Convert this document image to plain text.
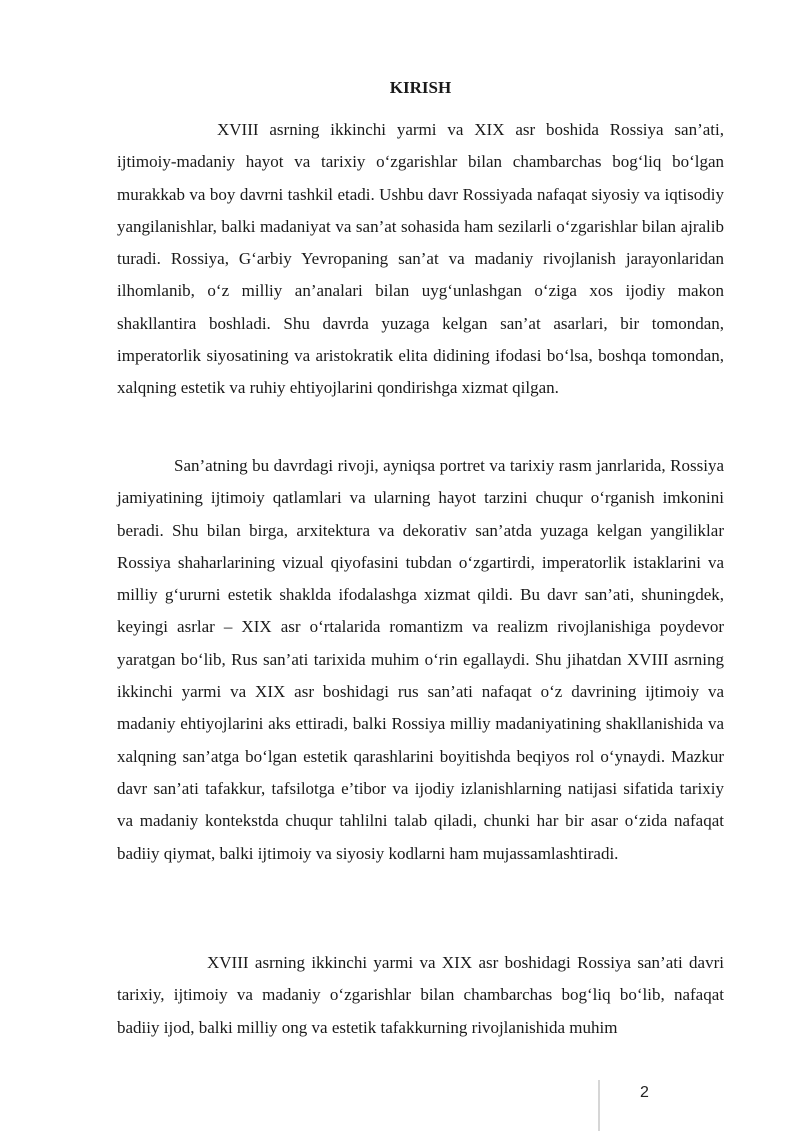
KIRISH

XVIII asrning ikkinchi yarmi va XIX asr boshida Rossiya san’ati, ijtimoiy-madaniy hayot va tarixiy o‘zgarishlar bilan chambarchas bog‘liq bo‘lgan murakkab va boy davrni tashkil etadi. Ushbu davr Rossiyada nafaqat siyosiy va iqtisodiy yangilanishlar, balki madaniyat va san’at sohasida ham sezilarli o‘zgarishlar bilan ajralib turadi. Rossiya, G‘arbiy Yevropaning san’at va madaniy rivojlanish jarayonlaridan ilhomlanib, o‘z milliy an’analari bilan uyg‘unlashgan o‘ziga xos ijodiy makon shakllantira boshladi. Shu davrda yuzaga kelgan san’at asarlari, bir tomondan, imperatorlik siyosatining va aristokratik elita didining ifodasi bo‘lsa, boshqa tomondan, xalqning estetik va ruhiy ehtiyojlarini qondirishga xizmat qilgan.

San’atning bu davrdagi rivoji, ayniqsa portret va tarixiy rasm janrlarida, Rossiya jamiyatining ijtimoiy qatlamlari va ularning hayot tarzini chuqur o‘rganish imkonini beradi. Shu bilan birga, arxitektura va dekorativ san’atda yuzaga kelgan yangiliklar Rossiya shaharlarining vizual qiyofasini tubdan o‘zgartirdi, imperatorlik istaklarini va milliy g‘ururni estetik shaklda ifodalashga xizmat qildi. Bu davr san’ati, shuningdek, keyingi asrlar – XIX asr o‘rtalarida romantizm va realizm rivojlanishiga poydevor yaratgan bo‘lib, Rus san’ati tarixida muhim o‘rin egallaydi. Shu jihatdan XVIII asrning ikkinchi yarmi va XIX asr boshidagi rus san’ati nafaqat o‘z davrining ijtimoiy va madaniy ehtiyojlarini aks ettiradi, balki Rossiya milliy madaniyatining shakllanishida va xalqning san’atga bo‘lgan estetik qarashlarini boyitishda beqiyos rol o‘ynaydi. Mazkur davr san’ati tafakkur, tafsilotga e’tibor va ijodiy izlanishlarning natijasi sifatida tarixiy va madaniy kontekstda chuqur tahlilni talab qiladi, chunki har bir asar o‘zida nafaqat badiiy qiymat, balki ijtimoiy va siyosiy kodlarni ham mujassamlashtiradi.

XVIII asrning ikkinchi yarmi va XIX asr boshidagi Rossiya san’ati davri tarixiy, ijtimoiy va madaniy o‘zgarishlar bilan chambarchas bog‘liq bo‘lib, nafaqat badiiy ijod, balki milliy ong va estetik tafakkurning rivojlanishida muhim

2
